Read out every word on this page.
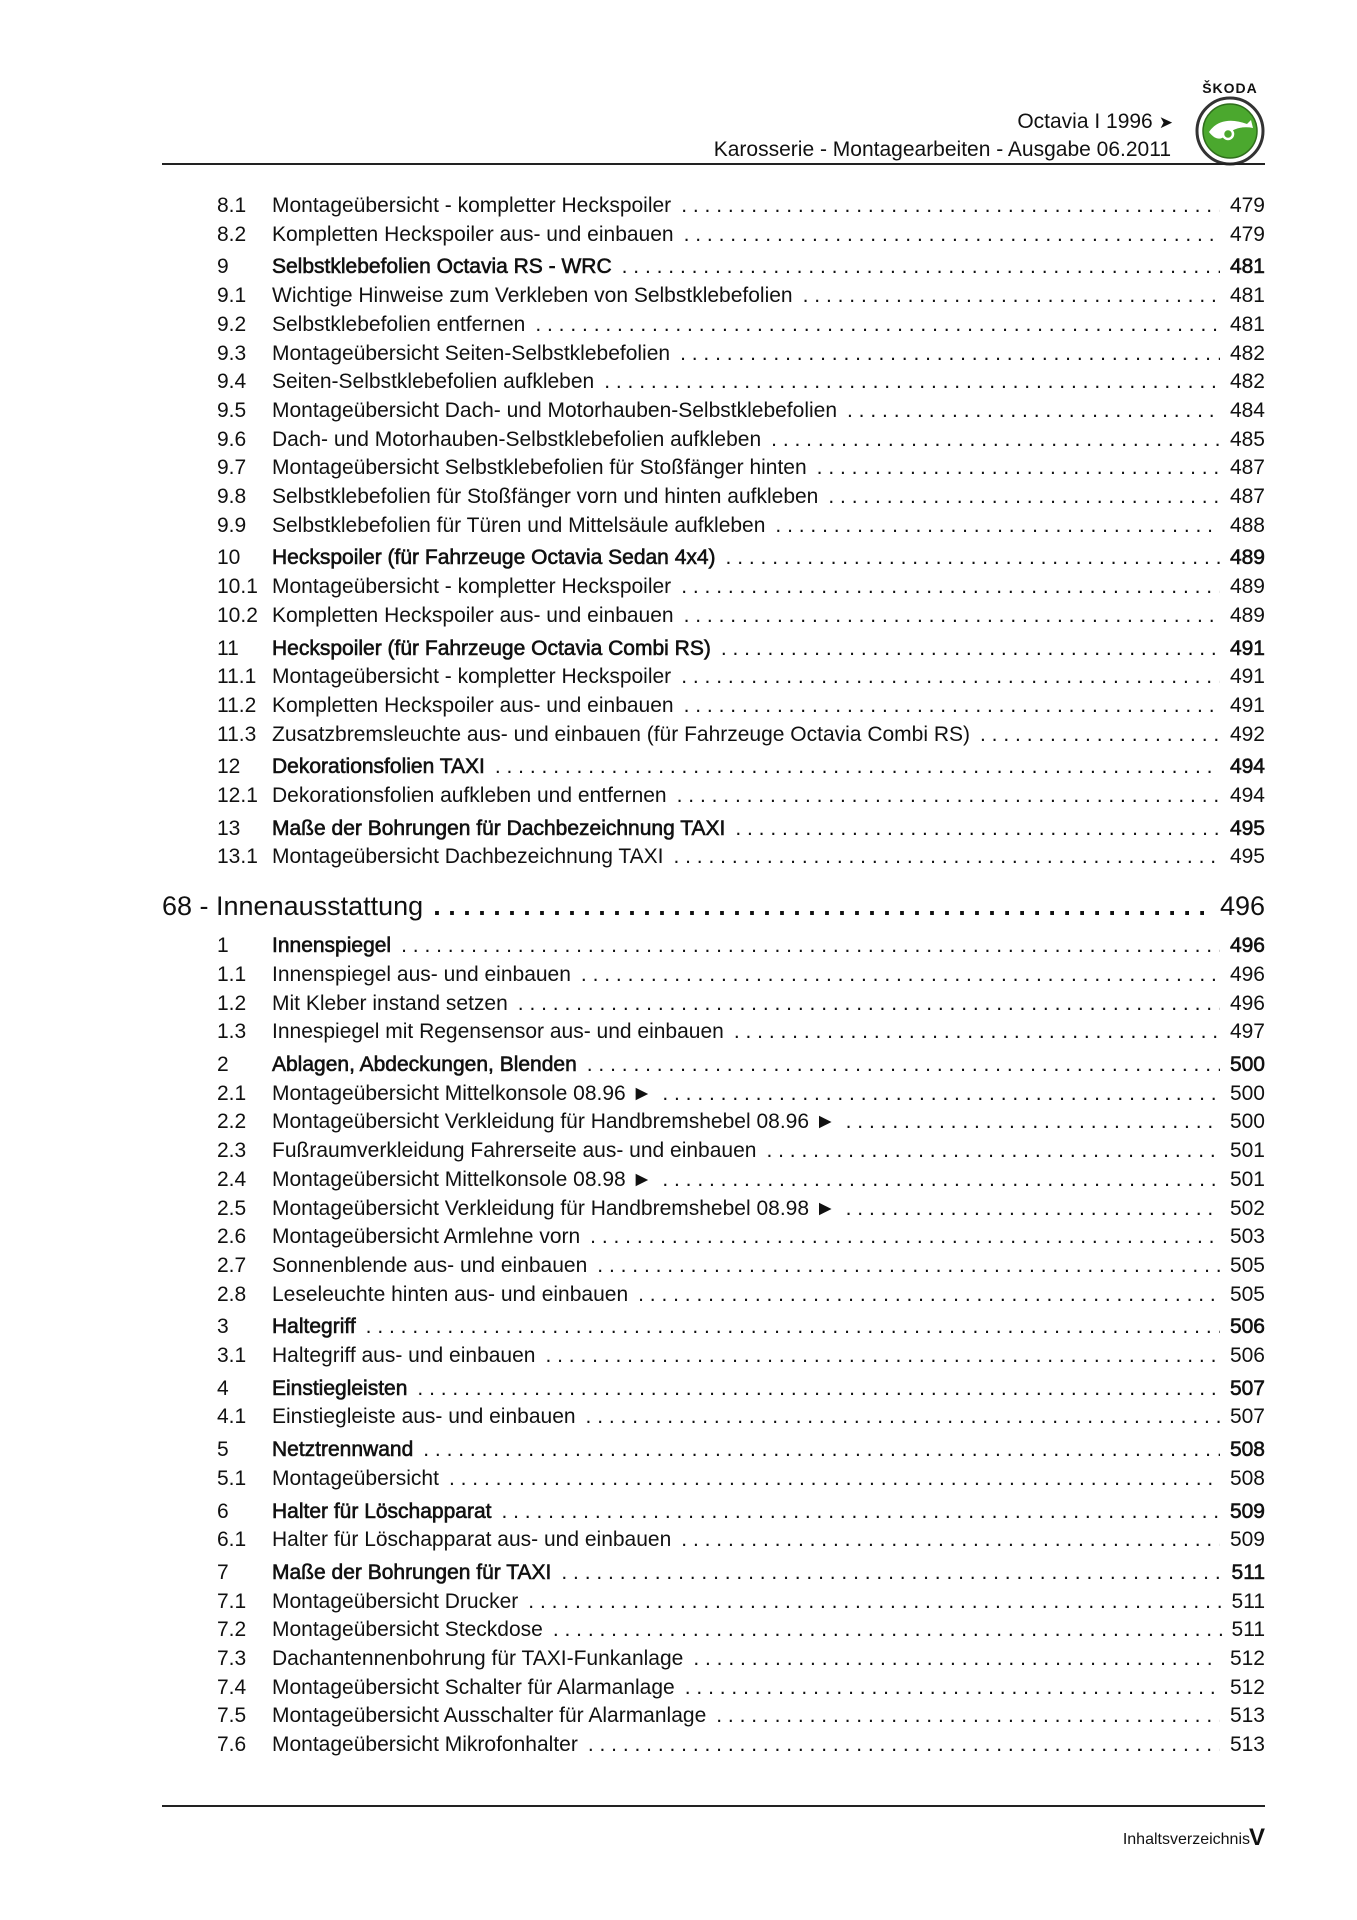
ŠKODA
Octavia I 1996 ➤
Karosserie - Montagearbeiten - Ausgabe 06.2011
8.1	Montageübersicht - kompletter Heckspoiler . . .	479
8.2	Kompletten Heckspoiler aus- und einbauen . . .	479
9	Selbstklebefolien Octavia RS - WRC . . .	481
9.1	Wichtige Hinweise zum Verkleben von Selbstklebefolien . . .	481
9.2	Selbstklebefolien entfernen . . .	481
9.3	Montageübersicht Seiten-Selbstklebefolien . . .	482
9.4	Seiten-Selbstklebefolien aufkleben . . .	482
9.5	Montageübersicht Dach- und Motorhauben-Selbstklebefolien . . .	484
9.6	Dach- und Motorhauben-Selbstklebefolien aufkleben . . .	485
9.7	Montageübersicht Selbstklebefolien für Stoßfänger hinten . . .	487
9.8	Selbstklebefolien für Stoßfänger vorn und hinten aufkleben . . .	487
9.9	Selbstklebefolien für Türen und Mittelsäule aufkleben . . .	488
10	Heckspoiler (für Fahrzeuge Octavia Sedan 4x4) . . .	489
10.1 Montageübersicht - kompletter Heckspoiler . . .	489
10.2 Kompletten Heckspoiler aus- und einbauen . . .	489
11	Heckspoiler (für Fahrzeuge Octavia Combi RS) . . .	491
11.1 Montageübersicht - kompletter Heckspoiler . . .	491
11.2 Kompletten Heckspoiler aus- und einbauen . . .	491
11.3 Zusatzbremsleuchte aus- und einbauen (für Fahrzeuge Octavia Combi RS) . . .	492
12	Dekorationsfolien TAXI . . .	494
12.1 Dekorationsfolien aufkleben und entfernen . . .	494
13	Maße der Bohrungen für Dachbezeichnung TAXI . . .	495
13.1 Montageübersicht Dachbezeichnung TAXI . . .	495
68 - Innenausstattung . . .	496
1	Innenspiegel . . .	496
1.1	Innenspiegel aus- und einbauen . . .	496
1.2	Mit Kleber instand setzen . . .	496
1.3	Innespiegel mit Regensensor aus- und einbauen . . .	497
2	Ablagen, Abdeckungen, Blenden . . .	500
2.1	Montageübersicht Mittelkonsole 08.96 ► . . .	500
2.2	Montageübersicht Verkleidung für Handbremshebel 08.96 ► . . .	500
2.3	Fußraumverkleidung Fahrerseite aus- und einbauen . . .	501
2.4	Montageübersicht Mittelkonsole 08.98 ► . . .	501
2.5	Montageübersicht Verkleidung für Handbremshebel 08.98 ► . . .	502
2.6	Montageübersicht Armlehne vorn . . .	503
2.7	Sonnenblende aus- und einbauen . . .	505
2.8	Leseleuchte hinten aus- und einbauen . . .	505
3	Haltegriff . . .	506
3.1	Haltegriff aus- und einbauen . . .	506
4	Einstiegleisten . . .	507
4.1	Einstiegleiste aus- und einbauen . . .	507
5	Netztrennwand . . .	508
5.1	Montageübersicht . . .	508
6	Halter für Löschapparat . . .	509
6.1	Halter für Löschapparat aus- und einbauen . . .	509
7	Maße der Bohrungen für TAXI . . .	511
7.1	Montageübersicht Drucker . . .	511
7.2	Montageübersicht Steckdose . . .	511
7.3	Dachantennenbohrung für TAXI-Funkanlage . . .	512
7.4	Montageübersicht Schalter für Alarmanlage . . .	512
7.5	Montageübersicht Ausschalter für Alarmanlage . . .	513
7.6	Montageübersicht Mikrofonhalter . . .	513
Inhaltsverzeichnis
V
